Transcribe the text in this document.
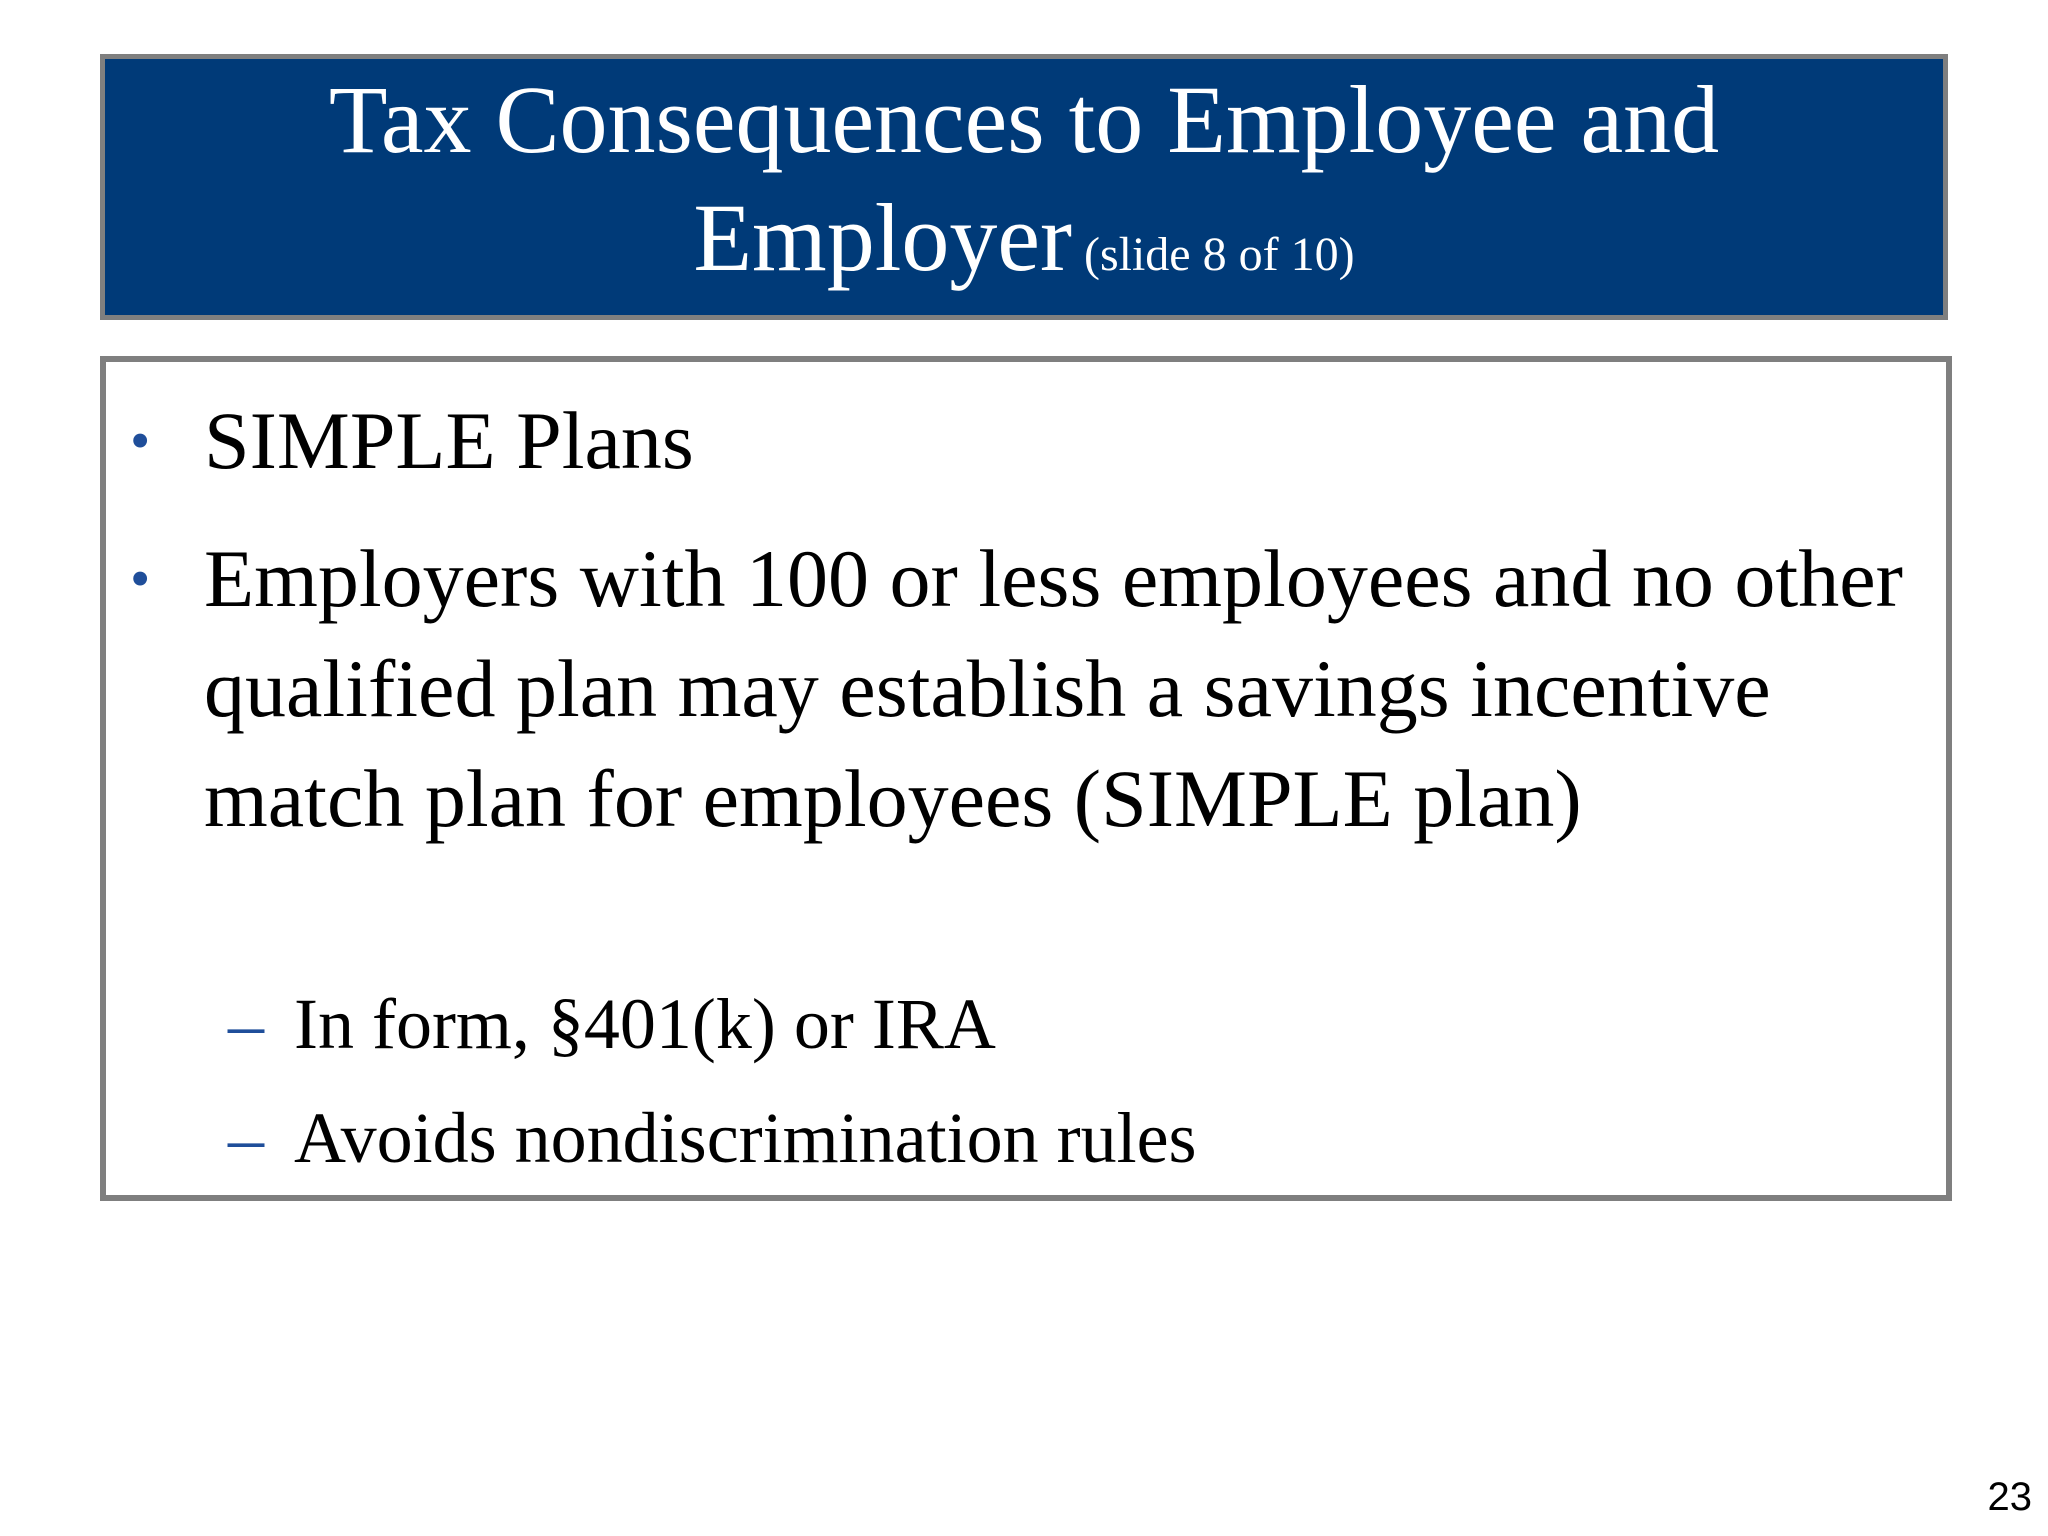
Tax Consequences to Employee and
Employer (slide 8 of 10)
• SIMPLE Plans
• Employers with 100 or less employees and no other qualified plan may establish a savings incentive match plan for employees (SIMPLE plan)
– In form, §401(k) or IRA
– Avoids nondiscrimination rules
23
